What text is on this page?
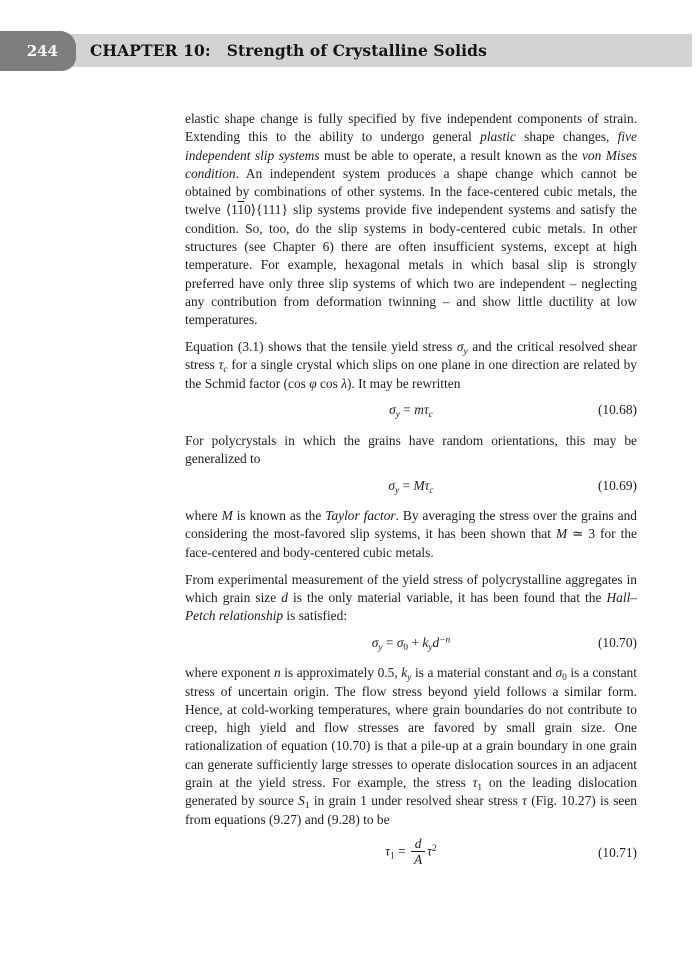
244	CHAPTER 10: Strength of Crystalline Solids

elastic shape change is fully specified by five independent components of strain. Extending this to the ability to undergo general plastic shape changes, five independent slip systems must be able to operate, a result known as the von Mises condition. An independent system produces a shape change which cannot be obtained by combinations of other systems. In the face-centered cubic metals, the twelve ⟨110⟩{111} slip systems provide five independent systems and satisfy the condition. So, too, do the slip systems in body-centered cubic metals. In other structures (see Chapter 6) there are often insufficient systems, except at high temperature. For example, hexagonal metals in which basal slip is strongly preferred have only three slip systems of which two are independent – neglecting any contribution from deformation twinning – and show little ductility at low temperatures.

Equation (3.1) shows that the tensile yield stress $\sigma_y$ and the critical resolved shear stress $\tau_c$ for a single crystal which slips on one plane in one direction are related by the Schmid factor (cos φ cos λ). It may be rewritten

$\sigma_y = m\tau_c$	(10.68)

For polycrystals in which the grains have random orientations, this may be generalized to

$\sigma_y = M\tau_c$	(10.69)

where M is known as the Taylor factor. By averaging the stress over the grains and considering the most-favored slip systems, it has been shown that M ≃ 3 for the face-centered and body-centered cubic metals.

From experimental measurement of the yield stress of polycrystalline aggregates in which grain size d is the only material variable, it has been found that the Hall–Petch relationship is satisfied:

$\sigma_y = \sigma_0 + k_yd^{-n}$	(10.70)

where exponent n is approximately 0.5, $k_y$ is a material constant and $\sigma_0$ is a constant stress of uncertain origin. The flow stress beyond yield follows a similar form. Hence, at cold-working temperatures, where grain boundaries do not contribute to creep, high yield and flow stresses are favored by small grain size. One rationalization of equation (10.70) is that a pile-up at a grain boundary in one grain can generate sufficiently large stresses to operate dislocation sources in an adjacent grain at the yield stress. For example, the stress $\tau_1$ on the leading dislocation generated by source $S_1$ in grain 1 under resolved shear stress τ (Fig. 10.27) is seen from equations (9.27) and (9.28) to be

$\tau_1 = \frac{d}{A} \tau^2$	(10.71)
